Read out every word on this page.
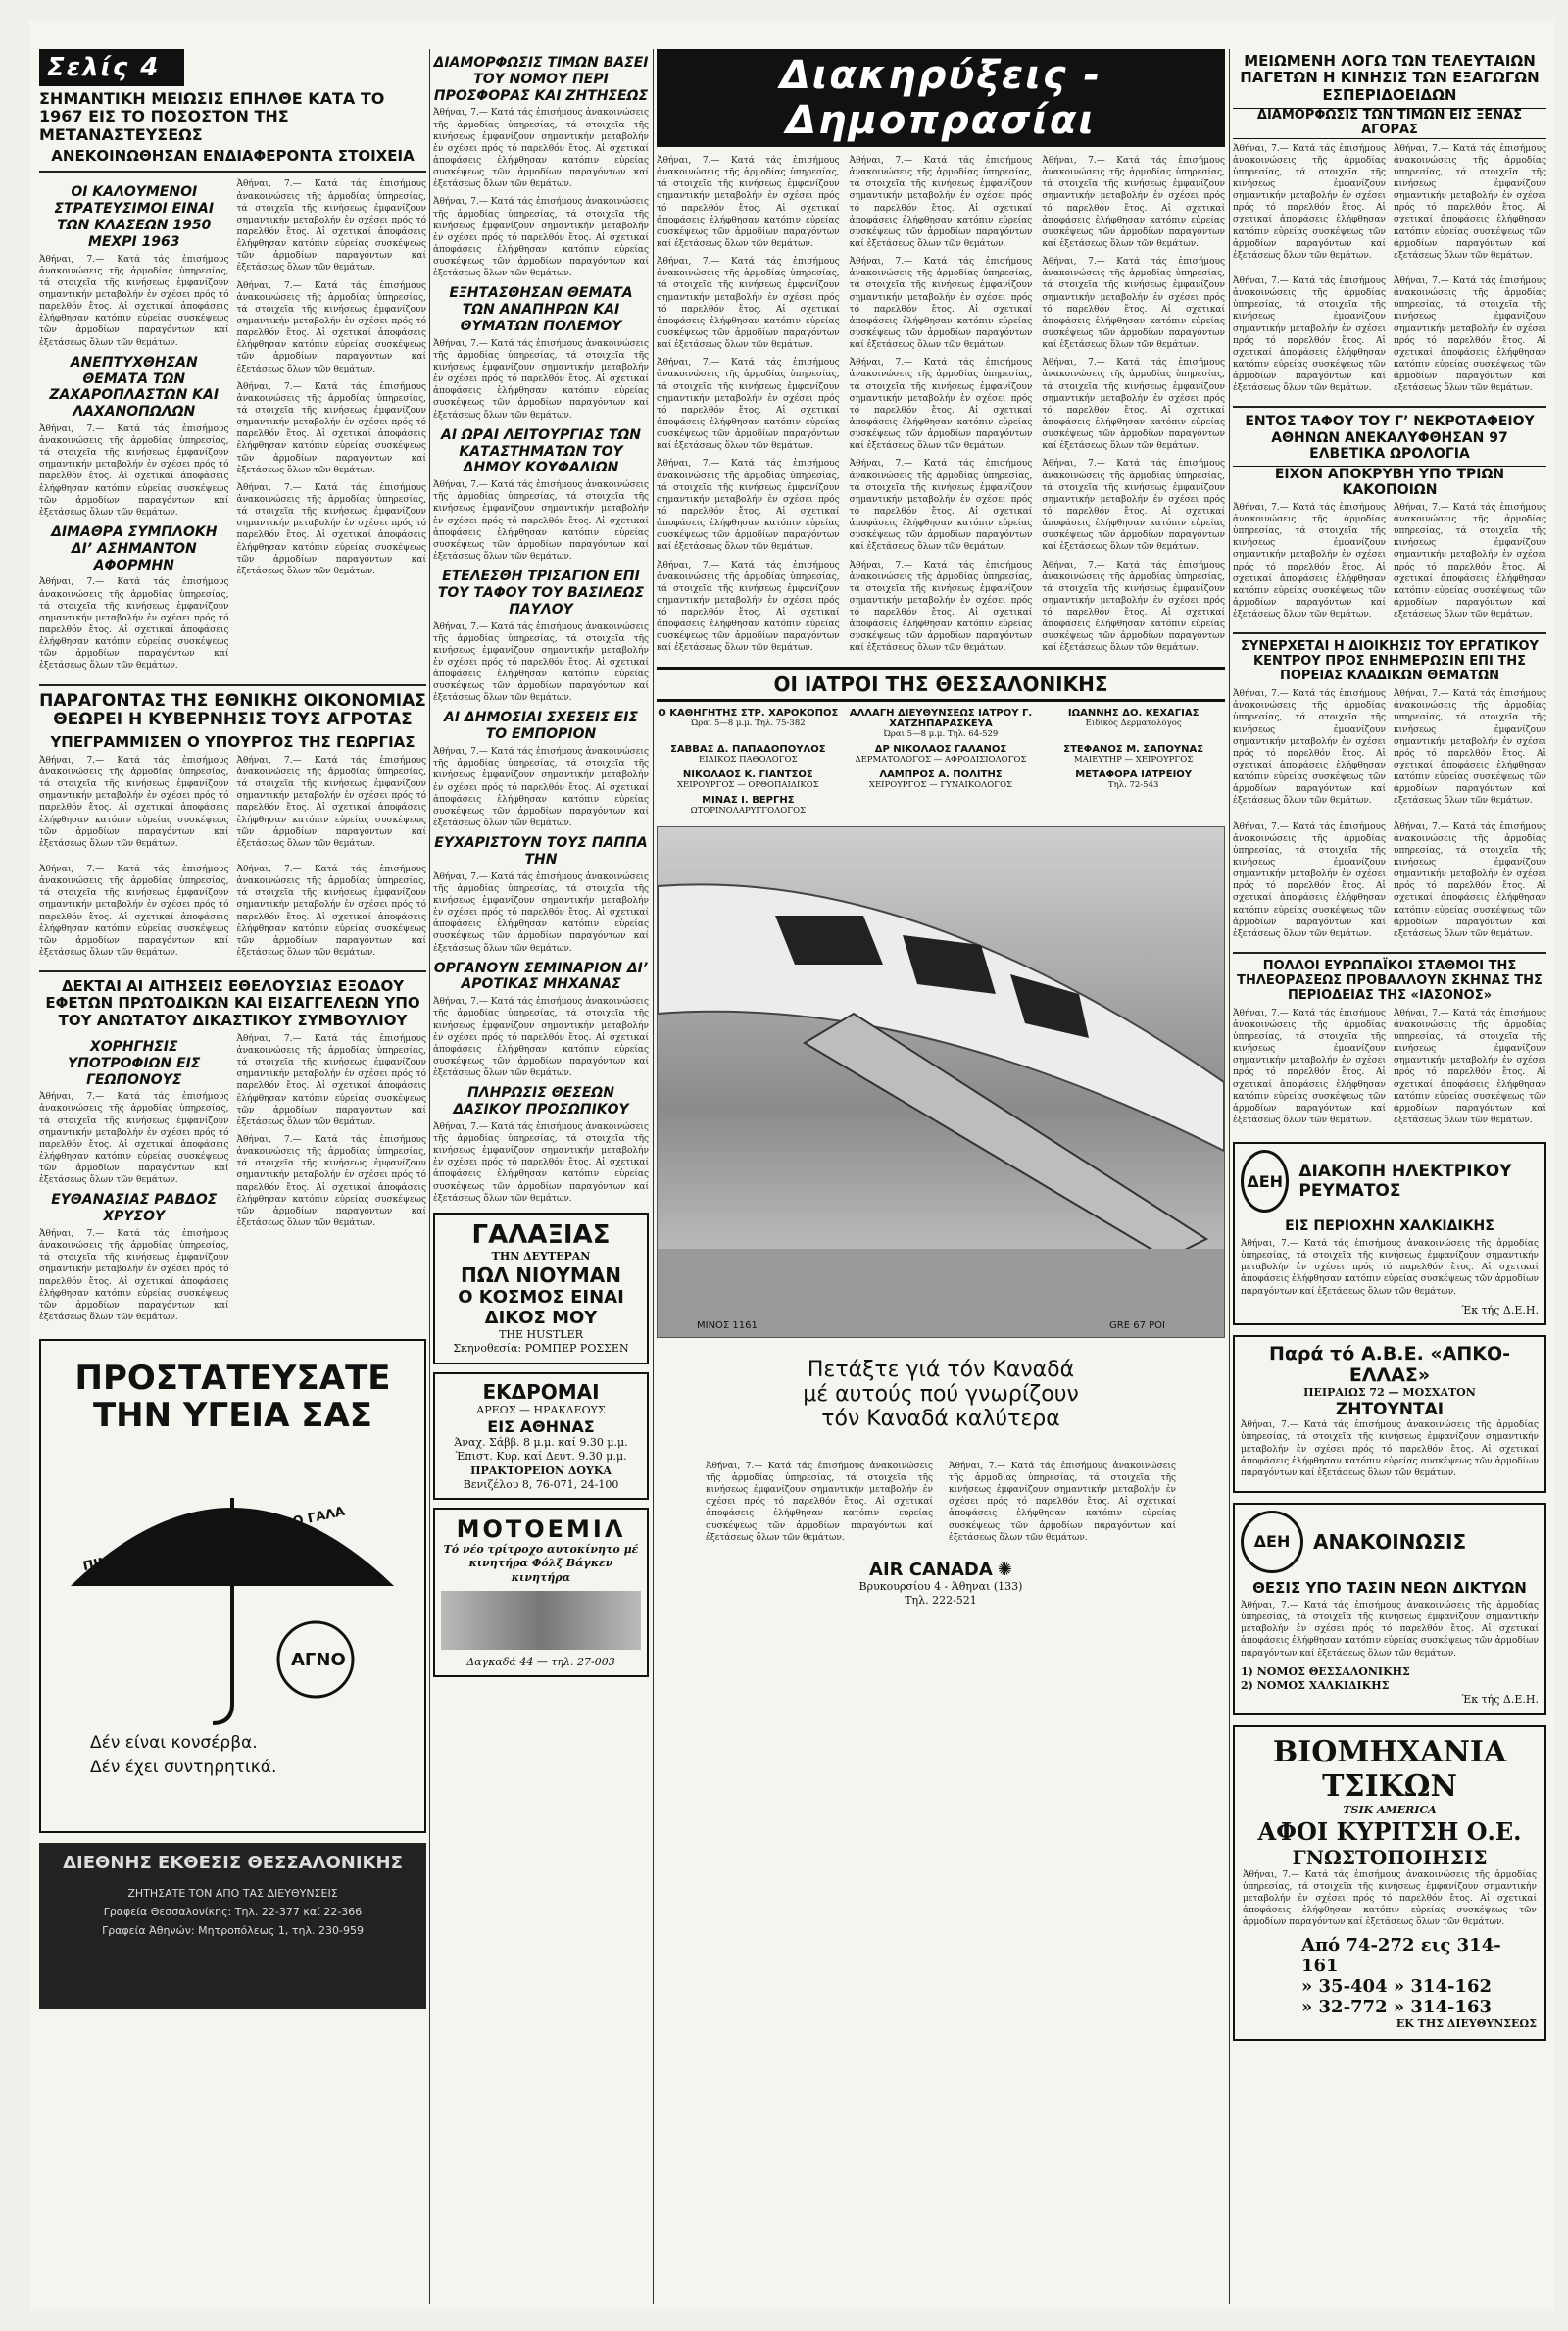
Σελίς 4
ΣΗΜΑΝΤΙΚΗ ΜΕΙΩΣΙΣ ΕΠΗΛΘΕ ΚΑΤΑ ΤΟ 1967 ΕΙΣ ΤΟ ΠΟΣΟΣΤΟΝ ΤΗΣ ΜΕΤΑΝΑΣΤΕΥΣΕΩΣ
ΑΝΕΚΟΙΝΩΘΗΣΑΝ ΕΝΔΙΑΦΕΡΟΝΤΑ ΣΤΟΙΧΕΙΑ
ΟΙ ΚΑΛΟΥΜΕΝΟΙ ΣΤΡΑΤΕΥΣΙΜΟΙ ΕΙΝΑΙ ΤΩΝ ΚΛΑΣΕΩΝ 1950 ΜΕΧΡΙ 1963

Ἀθήναι, 7.— Κατά τάς ἐπισήμους ἀνακοινώσεις τῆς ἁρμοδίας ὑπηρεσίας, τά στοιχεῖα τῆς κινήσεως ἐμφανίζουν σημαντικήν μεταβολήν ἐν σχέσει πρός τό παρελθόν ἔτος. Αἱ σχετικαί ἀποφάσεις ἐλήφθησαν κατόπιν εὐρείας συσκέψεως τῶν ἀρμοδίων παραγόντων καί ἐξετάσεως ὅλων τῶν θεμάτων.

ΑΝΕΠΤΥΧΘΗΣΑΝ ΘΕΜΑΤΑ ΤΩΝ ΖΑΧΑΡΟΠΛΑΣΤΩΝ ΚΑΙ ΛΑΧΑΝΟΠΩΛΩΝ

Ἀθήναι, 7.— Κατά τάς ἐπισήμους ἀνακοινώσεις τῆς ἁρμοδίας ὑπηρεσίας, τά στοιχεῖα τῆς κινήσεως ἐμφανίζουν σημαντικήν μεταβολήν ἐν σχέσει πρός τό παρελθόν ἔτος. Αἱ σχετικαί ἀποφάσεις ἐλήφθησαν κατόπιν εὐρείας συσκέψεως τῶν ἀρμοδίων παραγόντων καί ἐξετάσεως ὅλων τῶν θεμάτων.

ΔΙΜΑΘΡΑ ΣΥΜΠΛΟΚΗ ΔΙ’ ΑΣΗΜΑΝΤΟΝ ΑΦΟΡΜΗΝ

Ἀθήναι, 7.— Κατά τάς ἐπισήμους ἀνακοινώσεις τῆς ἁρμοδίας ὑπηρεσίας, τά στοιχεῖα τῆς κινήσεως ἐμφανίζουν σημαντικήν μεταβολήν ἐν σχέσει πρός τό παρελθόν ἔτος. Αἱ σχετικαί ἀποφάσεις ἐλήφθησαν κατόπιν εὐρείας συσκέψεως τῶν ἀρμοδίων παραγόντων καί ἐξετάσεως ὅλων τῶν θεμάτων.

Ἀθήναι, 7.— Κατά τάς ἐπισήμους ἀνακοινώσεις τῆς ἁρμοδίας ὑπηρεσίας, τά στοιχεῖα τῆς κινήσεως ἐμφανίζουν σημαντικήν μεταβολήν ἐν σχέσει πρός τό παρελθόν ἔτος. Αἱ σχετικαί ἀποφάσεις ἐλήφθησαν κατόπιν εὐρείας συσκέψεως τῶν ἀρμοδίων παραγόντων καί ἐξετάσεως ὅλων τῶν θεμάτων.

Ἀθήναι, 7.— Κατά τάς ἐπισήμους ἀνακοινώσεις τῆς ἁρμοδίας ὑπηρεσίας, τά στοιχεῖα τῆς κινήσεως ἐμφανίζουν σημαντικήν μεταβολήν ἐν σχέσει πρός τό παρελθόν ἔτος. Αἱ σχετικαί ἀποφάσεις ἐλήφθησαν κατόπιν εὐρείας συσκέψεως τῶν ἀρμοδίων παραγόντων καί ἐξετάσεως ὅλων τῶν θεμάτων.

Ἀθήναι, 7.— Κατά τάς ἐπισήμους ἀνακοινώσεις τῆς ἁρμοδίας ὑπηρεσίας, τά στοιχεῖα τῆς κινήσεως ἐμφανίζουν σημαντικήν μεταβολήν ἐν σχέσει πρός τό παρελθόν ἔτος. Αἱ σχετικαί ἀποφάσεις ἐλήφθησαν κατόπιν εὐρείας συσκέψεως τῶν ἀρμοδίων παραγόντων καί ἐξετάσεως ὅλων τῶν θεμάτων.

Ἀθήναι, 7.— Κατά τάς ἐπισήμους ἀνακοινώσεις τῆς ἁρμοδίας ὑπηρεσίας, τά στοιχεῖα τῆς κινήσεως ἐμφανίζουν σημαντικήν μεταβολήν ἐν σχέσει πρός τό παρελθόν ἔτος. Αἱ σχετικαί ἀποφάσεις ἐλήφθησαν κατόπιν εὐρείας συσκέψεως τῶν ἀρμοδίων παραγόντων καί ἐξετάσεως ὅλων τῶν θεμάτων.

ΠΑΡΑΓΟΝΤΑΣ ΤΗΣ ΕΘΝΙΚΗΣ ΟΙΚΟΝΟΜΙΑΣ ΘΕΩΡΕΙ Η ΚΥΒΕΡΝΗΣΙΣ ΤΟΥΣ ΑΓΡΟΤΑΣ
ΥΠΕΓΡΑΜΜΙΣΕΝ Ο ΥΠΟΥΡΓΟΣ ΤΗΣ ΓΕΩΡΓΙΑΣ

Ἀθήναι, 7.— Κατά τάς ἐπισήμους ἀνακοινώσεις τῆς ἁρμοδίας ὑπηρεσίας, τά στοιχεῖα τῆς κινήσεως ἐμφανίζουν σημαντικήν μεταβολήν ἐν σχέσει πρός τό παρελθόν ἔτος. Αἱ σχετικαί ἀποφάσεις ἐλήφθησαν κατόπιν εὐρείας συσκέψεως τῶν ἀρμοδίων παραγόντων καί ἐξετάσεως ὅλων τῶν θεμάτων.

Ἀθήναι, 7.— Κατά τάς ἐπισήμους ἀνακοινώσεις τῆς ἁρμοδίας ὑπηρεσίας, τά στοιχεῖα τῆς κινήσεως ἐμφανίζουν σημαντικήν μεταβολήν ἐν σχέσει πρός τό παρελθόν ἔτος. Αἱ σχετικαί ἀποφάσεις ἐλήφθησαν κατόπιν εὐρείας συσκέψεως τῶν ἀρμοδίων παραγόντων καί ἐξετάσεως ὅλων τῶν θεμάτων.

Ἀθήναι, 7.— Κατά τάς ἐπισήμους ἀνακοινώσεις τῆς ἁρμοδίας ὑπηρεσίας, τά στοιχεῖα τῆς κινήσεως ἐμφανίζουν σημαντικήν μεταβολήν ἐν σχέσει πρός τό παρελθόν ἔτος. Αἱ σχετικαί ἀποφάσεις ἐλήφθησαν κατόπιν εὐρείας συσκέψεως τῶν ἀρμοδίων παραγόντων καί ἐξετάσεως ὅλων τῶν θεμάτων.

Ἀθήναι, 7.— Κατά τάς ἐπισήμους ἀνακοινώσεις τῆς ἁρμοδίας ὑπηρεσίας, τά στοιχεῖα τῆς κινήσεως ἐμφανίζουν σημαντικήν μεταβολήν ἐν σχέσει πρός τό παρελθόν ἔτος. Αἱ σχετικαί ἀποφάσεις ἐλήφθησαν κατόπιν εὐρείας συσκέψεως τῶν ἀρμοδίων παραγόντων καί ἐξετάσεως ὅλων τῶν θεμάτων.

ΔΕΚΤΑΙ ΑΙ ΑΙΤΗΣΕΙΣ ΕΘΕΛΟΥΣΙΑΣ ΕΞΟΔΟΥ ΕΦΕΤΩΝ ΠΡΩΤΟΔΙΚΩΝ ΚΑΙ ΕΙΣΑΓΓΕΛΕΩΝ ΥΠΟ ΤΟΥ ΑΝΩΤΑΤΟΥ ΔΙΚΑΣΤΙΚΟΥ ΣΥΜΒΟΥΛΙΟΥ
ΧΟΡΗΓΗΣΙΣ ΥΠΟΤΡΟΦΙΩΝ ΕΙΣ ΓΕΩΠΟΝΟΥΣ

Ἀθήναι, 7.— Κατά τάς ἐπισήμους ἀνακοινώσεις τῆς ἁρμοδίας ὑπηρεσίας, τά στοιχεῖα τῆς κινήσεως ἐμφανίζουν σημαντικήν μεταβολήν ἐν σχέσει πρός τό παρελθόν ἔτος. Αἱ σχετικαί ἀποφάσεις ἐλήφθησαν κατόπιν εὐρείας συσκέψεως τῶν ἀρμοδίων παραγόντων καί ἐξετάσεως ὅλων τῶν θεμάτων.

ΕΥΘΑΝΑΣΙΑΣ ΡΑΒΔΟΣ ΧΡΥΣΟΥ

Ἀθήναι, 7.— Κατά τάς ἐπισήμους ἀνακοινώσεις τῆς ἁρμοδίας ὑπηρεσίας, τά στοιχεῖα τῆς κινήσεως ἐμφανίζουν σημαντικήν μεταβολήν ἐν σχέσει πρός τό παρελθόν ἔτος. Αἱ σχετικαί ἀποφάσεις ἐλήφθησαν κατόπιν εὐρείας συσκέψεως τῶν ἀρμοδίων παραγόντων καί ἐξετάσεως ὅλων τῶν θεμάτων.

Ἀθήναι, 7.— Κατά τάς ἐπισήμους ἀνακοινώσεις τῆς ἁρμοδίας ὑπηρεσίας, τά στοιχεῖα τῆς κινήσεως ἐμφανίζουν σημαντικήν μεταβολήν ἐν σχέσει πρός τό παρελθόν ἔτος. Αἱ σχετικαί ἀποφάσεις ἐλήφθησαν κατόπιν εὐρείας συσκέψεως τῶν ἀρμοδίων παραγόντων καί ἐξετάσεως ὅλων τῶν θεμάτων.

Ἀθήναι, 7.— Κατά τάς ἐπισήμους ἀνακοινώσεις τῆς ἁρμοδίας ὑπηρεσίας, τά στοιχεῖα τῆς κινήσεως ἐμφανίζουν σημαντικήν μεταβολήν ἐν σχέσει πρός τό παρελθόν ἔτος. Αἱ σχετικαί ἀποφάσεις ἐλήφθησαν κατόπιν εὐρείας συσκέψεως τῶν ἀρμοδίων παραγόντων καί ἐξετάσεως ὅλων τῶν θεμάτων.

ΠΡΟΣΤΑΤΕΥΣΑΤΕ ΤΗΝ ΥΓΕΙΑ ΣΑΣ
ΠΙΝΕΤΕ ΠΑΝΤΑ ΠΑΣΤΕΡΙΩΜΕΝΟ ΓΑΛΑ
ΑΓΝΟ
Δέν είναι κονσέρβα.
Δέν έχει συντηρητικά.
ΔΙΕΘΝΗΣ ΕΚΘΕΣΙΣ ΘΕΣΣΑΛΟΝΙΚΗΣ
ΖΗΤΗΣΑΤΕ ΤΟΝ ΑΠΟ ΤΑΣ ΔΙΕΥΘΥΝΣΕΙΣ
Γραφεία Θεσσαλονίκης: Τηλ. 22-377 καί 22-366
Γραφεία Άθηνών: Μητροπόλεως 1, τηλ. 230-959
ΔΙΑΜΟΡΦΩΣΙΣ ΤΙΜΩΝ ΒΑΣΕΙ ΤΟΥ ΝΟΜΟΥ ΠΕΡΙ ΠΡΟΣΦΟΡΑΣ ΚΑΙ ΖΗΤΗΣΕΩΣ

Ἀθήναι, 7.— Κατά τάς ἐπισήμους ἀνακοινώσεις τῆς ἁρμοδίας ὑπηρεσίας, τά στοιχεῖα τῆς κινήσεως ἐμφανίζουν σημαντικήν μεταβολήν ἐν σχέσει πρός τό παρελθόν ἔτος. Αἱ σχετικαί ἀποφάσεις ἐλήφθησαν κατόπιν εὐρείας συσκέψεως τῶν ἀρμοδίων παραγόντων καί ἐξετάσεως ὅλων τῶν θεμάτων.

Ἀθήναι, 7.— Κατά τάς ἐπισήμους ἀνακοινώσεις τῆς ἁρμοδίας ὑπηρεσίας, τά στοιχεῖα τῆς κινήσεως ἐμφανίζουν σημαντικήν μεταβολήν ἐν σχέσει πρός τό παρελθόν ἔτος. Αἱ σχετικαί ἀποφάσεις ἐλήφθησαν κατόπιν εὐρείας συσκέψεως τῶν ἀρμοδίων παραγόντων καί ἐξετάσεως ὅλων τῶν θεμάτων.

ΕΞΗΤΑΣΘΗΣΑΝ ΘΕΜΑΤΑ ΤΩΝ ΑΝΑΠΗΡΩΝ ΚΑΙ ΘΥΜΑΤΩΝ ΠΟΛΕΜΟΥ

Ἀθήναι, 7.— Κατά τάς ἐπισήμους ἀνακοινώσεις τῆς ἁρμοδίας ὑπηρεσίας, τά στοιχεῖα τῆς κινήσεως ἐμφανίζουν σημαντικήν μεταβολήν ἐν σχέσει πρός τό παρελθόν ἔτος. Αἱ σχετικαί ἀποφάσεις ἐλήφθησαν κατόπιν εὐρείας συσκέψεως τῶν ἀρμοδίων παραγόντων καί ἐξετάσεως ὅλων τῶν θεμάτων.

ΑΙ ΩΡΑΙ ΛΕΙΤΟΥΡΓΙΑΣ ΤΩΝ ΚΑΤΑΣΤΗΜΑΤΩΝ ΤΟΥ ΔΗΜΟΥ ΚΟΥΦΑΛΙΩΝ

Ἀθήναι, 7.— Κατά τάς ἐπισήμους ἀνακοινώσεις τῆς ἁρμοδίας ὑπηρεσίας, τά στοιχεῖα τῆς κινήσεως ἐμφανίζουν σημαντικήν μεταβολήν ἐν σχέσει πρός τό παρελθόν ἔτος. Αἱ σχετικαί ἀποφάσεις ἐλήφθησαν κατόπιν εὐρείας συσκέψεως τῶν ἀρμοδίων παραγόντων καί ἐξετάσεως ὅλων τῶν θεμάτων.

ΕΤΕΛΕΣΘΗ ΤΡΙΣΑΓΙΟΝ ΕΠΙ ΤΟΥ ΤΑΦΟΥ ΤΟΥ ΒΑΣΙΛΕΩΣ ΠΑΥΛΟΥ

Ἀθήναι, 7.— Κατά τάς ἐπισήμους ἀνακοινώσεις τῆς ἁρμοδίας ὑπηρεσίας, τά στοιχεῖα τῆς κινήσεως ἐμφανίζουν σημαντικήν μεταβολήν ἐν σχέσει πρός τό παρελθόν ἔτος. Αἱ σχετικαί ἀποφάσεις ἐλήφθησαν κατόπιν εὐρείας συσκέψεως τῶν ἀρμοδίων παραγόντων καί ἐξετάσεως ὅλων τῶν θεμάτων.

ΑΙ ΔΗΜΟΣΙΑΙ ΣΧΕΣΕΙΣ ΕΙΣ ΤΟ ΕΜΠΟΡΙΟΝ

Ἀθήναι, 7.— Κατά τάς ἐπισήμους ἀνακοινώσεις τῆς ἁρμοδίας ὑπηρεσίας, τά στοιχεῖα τῆς κινήσεως ἐμφανίζουν σημαντικήν μεταβολήν ἐν σχέσει πρός τό παρελθόν ἔτος. Αἱ σχετικαί ἀποφάσεις ἐλήφθησαν κατόπιν εὐρείας συσκέψεως τῶν ἀρμοδίων παραγόντων καί ἐξετάσεως ὅλων τῶν θεμάτων.

ΕΥΧΑΡΙΣΤΟΥΝ ΤΟΥΣ ΠΑΠΠΑ ΤΗΝ

Ἀθήναι, 7.— Κατά τάς ἐπισήμους ἀνακοινώσεις τῆς ἁρμοδίας ὑπηρεσίας, τά στοιχεῖα τῆς κινήσεως ἐμφανίζουν σημαντικήν μεταβολήν ἐν σχέσει πρός τό παρελθόν ἔτος. Αἱ σχετικαί ἀποφάσεις ἐλήφθησαν κατόπιν εὐρείας συσκέψεως τῶν ἀρμοδίων παραγόντων καί ἐξετάσεως ὅλων τῶν θεμάτων.

ΟΡΓΑΝΟΥΝ ΣΕΜΙΝΑΡΙΟΝ ΔΙ’ ΑΡΟΤΙΚΑΣ ΜΗΧΑΝΑΣ

Ἀθήναι, 7.— Κατά τάς ἐπισήμους ἀνακοινώσεις τῆς ἁρμοδίας ὑπηρεσίας, τά στοιχεῖα τῆς κινήσεως ἐμφανίζουν σημαντικήν μεταβολήν ἐν σχέσει πρός τό παρελθόν ἔτος. Αἱ σχετικαί ἀποφάσεις ἐλήφθησαν κατόπιν εὐρείας συσκέψεως τῶν ἀρμοδίων παραγόντων καί ἐξετάσεως ὅλων τῶν θεμάτων.

ΠΛΗΡΩΣΙΣ ΘΕΣΕΩΝ ΔΑΣΙΚΟΥ ΠΡΟΣΩΠΙΚΟΥ

Ἀθήναι, 7.— Κατά τάς ἐπισήμους ἀνακοινώσεις τῆς ἁρμοδίας ὑπηρεσίας, τά στοιχεῖα τῆς κινήσεως ἐμφανίζουν σημαντικήν μεταβολήν ἐν σχέσει πρός τό παρελθόν ἔτος. Αἱ σχετικαί ἀποφάσεις ἐλήφθησαν κατόπιν εὐρείας συσκέψεως τῶν ἀρμοδίων παραγόντων καί ἐξετάσεως ὅλων τῶν θεμάτων.

ΓΑΛΑΞΙΑΣ
ΤΗΝ ΔΕΥΤΕΡΑΝ
ΠΩΛ ΝΙΟΥΜΑΝ
Ο ΚΟΣΜΟΣ ΕΙΝΑΙ ΔΙΚΟΣ ΜΟΥ
THE HUSTLER
Σκηνοθεσία: ΡΟΜΠΕΡ ΡΟΣΣΕΝ
ΕΚΔΡΟΜΑΙ
ΑΡΕΩΣ — ΗΡΑΚΛΕΟΥΣ
ΕΙΣ ΑΘΗΝΑΣ
Άναχ. Σάββ. 8 μ.μ. καί 9.30 μ.μ.
Έπιστ. Κυρ. καί Δευτ. 9.30 μ.μ.
ΠΡΑΚΤΟΡΕΙΟΝ ΔΟΥΚΑ
Βενιζέλου 8, 76-071, 24-100
ΜΟΤΟΕΜΙΛ
Τό νέο τρίτροχο αυτοκίνητο μέ κινητήρα Φόλξ Βάγκεν κινητήρα
Δαγκαδά 44 — τηλ. 27-003
Διακηρύξεις - Δημοπρασίαι

Ἀθήναι, 7.— Κατά τάς ἐπισήμους ἀνακοινώσεις τῆς ἁρμοδίας ὑπηρεσίας, τά στοιχεῖα τῆς κινήσεως ἐμφανίζουν σημαντικήν μεταβολήν ἐν σχέσει πρός τό παρελθόν ἔτος. Αἱ σχετικαί ἀποφάσεις ἐλήφθησαν κατόπιν εὐρείας συσκέψεως τῶν ἀρμοδίων παραγόντων καί ἐξετάσεως ὅλων τῶν θεμάτων.

Ἀθήναι, 7.— Κατά τάς ἐπισήμους ἀνακοινώσεις τῆς ἁρμοδίας ὑπηρεσίας, τά στοιχεῖα τῆς κινήσεως ἐμφανίζουν σημαντικήν μεταβολήν ἐν σχέσει πρός τό παρελθόν ἔτος. Αἱ σχετικαί ἀποφάσεις ἐλήφθησαν κατόπιν εὐρείας συσκέψεως τῶν ἀρμοδίων παραγόντων καί ἐξετάσεως ὅλων τῶν θεμάτων.

Ἀθήναι, 7.— Κατά τάς ἐπισήμους ἀνακοινώσεις τῆς ἁρμοδίας ὑπηρεσίας, τά στοιχεῖα τῆς κινήσεως ἐμφανίζουν σημαντικήν μεταβολήν ἐν σχέσει πρός τό παρελθόν ἔτος. Αἱ σχετικαί ἀποφάσεις ἐλήφθησαν κατόπιν εὐρείας συσκέψεως τῶν ἀρμοδίων παραγόντων καί ἐξετάσεως ὅλων τῶν θεμάτων.

Ἀθήναι, 7.— Κατά τάς ἐπισήμους ἀνακοινώσεις τῆς ἁρμοδίας ὑπηρεσίας, τά στοιχεῖα τῆς κινήσεως ἐμφανίζουν σημαντικήν μεταβολήν ἐν σχέσει πρός τό παρελθόν ἔτος. Αἱ σχετικαί ἀποφάσεις ἐλήφθησαν κατόπιν εὐρείας συσκέψεως τῶν ἀρμοδίων παραγόντων καί ἐξετάσεως ὅλων τῶν θεμάτων.

Ἀθήναι, 7.— Κατά τάς ἐπισήμους ἀνακοινώσεις τῆς ἁρμοδίας ὑπηρεσίας, τά στοιχεῖα τῆς κινήσεως ἐμφανίζουν σημαντικήν μεταβολήν ἐν σχέσει πρός τό παρελθόν ἔτος. Αἱ σχετικαί ἀποφάσεις ἐλήφθησαν κατόπιν εὐρείας συσκέψεως τῶν ἀρμοδίων παραγόντων καί ἐξετάσεως ὅλων τῶν θεμάτων.

Ἀθήναι, 7.— Κατά τάς ἐπισήμους ἀνακοινώσεις τῆς ἁρμοδίας ὑπηρεσίας, τά στοιχεῖα τῆς κινήσεως ἐμφανίζουν σημαντικήν μεταβολήν ἐν σχέσει πρός τό παρελθόν ἔτος. Αἱ σχετικαί ἀποφάσεις ἐλήφθησαν κατόπιν εὐρείας συσκέψεως τῶν ἀρμοδίων παραγόντων καί ἐξετάσεως ὅλων τῶν θεμάτων.

Ἀθήναι, 7.— Κατά τάς ἐπισήμους ἀνακοινώσεις τῆς ἁρμοδίας ὑπηρεσίας, τά στοιχεῖα τῆς κινήσεως ἐμφανίζουν σημαντικήν μεταβολήν ἐν σχέσει πρός τό παρελθόν ἔτος. Αἱ σχετικαί ἀποφάσεις ἐλήφθησαν κατόπιν εὐρείας συσκέψεως τῶν ἀρμοδίων παραγόντων καί ἐξετάσεως ὅλων τῶν θεμάτων.

Ἀθήναι, 7.— Κατά τάς ἐπισήμους ἀνακοινώσεις τῆς ἁρμοδίας ὑπηρεσίας, τά στοιχεῖα τῆς κινήσεως ἐμφανίζουν σημαντικήν μεταβολήν ἐν σχέσει πρός τό παρελθόν ἔτος. Αἱ σχετικαί ἀποφάσεις ἐλήφθησαν κατόπιν εὐρείας συσκέψεως τῶν ἀρμοδίων παραγόντων καί ἐξετάσεως ὅλων τῶν θεμάτων.

Ἀθήναι, 7.— Κατά τάς ἐπισήμους ἀνακοινώσεις τῆς ἁρμοδίας ὑπηρεσίας, τά στοιχεῖα τῆς κινήσεως ἐμφανίζουν σημαντικήν μεταβολήν ἐν σχέσει πρός τό παρελθόν ἔτος. Αἱ σχετικαί ἀποφάσεις ἐλήφθησαν κατόπιν εὐρείας συσκέψεως τῶν ἀρμοδίων παραγόντων καί ἐξετάσεως ὅλων τῶν θεμάτων.

Ἀθήναι, 7.— Κατά τάς ἐπισήμους ἀνακοινώσεις τῆς ἁρμοδίας ὑπηρεσίας, τά στοιχεῖα τῆς κινήσεως ἐμφανίζουν σημαντικήν μεταβολήν ἐν σχέσει πρός τό παρελθόν ἔτος. Αἱ σχετικαί ἀποφάσεις ἐλήφθησαν κατόπιν εὐρείας συσκέψεως τῶν ἀρμοδίων παραγόντων καί ἐξετάσεως ὅλων τῶν θεμάτων.

Ἀθήναι, 7.— Κατά τάς ἐπισήμους ἀνακοινώσεις τῆς ἁρμοδίας ὑπηρεσίας, τά στοιχεῖα τῆς κινήσεως ἐμφανίζουν σημαντικήν μεταβολήν ἐν σχέσει πρός τό παρελθόν ἔτος. Αἱ σχετικαί ἀποφάσεις ἐλήφθησαν κατόπιν εὐρείας συσκέψεως τῶν ἀρμοδίων παραγόντων καί ἐξετάσεως ὅλων τῶν θεμάτων.

Ἀθήναι, 7.— Κατά τάς ἐπισήμους ἀνακοινώσεις τῆς ἁρμοδίας ὑπηρεσίας, τά στοιχεῖα τῆς κινήσεως ἐμφανίζουν σημαντικήν μεταβολήν ἐν σχέσει πρός τό παρελθόν ἔτος. Αἱ σχετικαί ἀποφάσεις ἐλήφθησαν κατόπιν εὐρείας συσκέψεως τῶν ἀρμοδίων παραγόντων καί ἐξετάσεως ὅλων τῶν θεμάτων.

Ἀθήναι, 7.— Κατά τάς ἐπισήμους ἀνακοινώσεις τῆς ἁρμοδίας ὑπηρεσίας, τά στοιχεῖα τῆς κινήσεως ἐμφανίζουν σημαντικήν μεταβολήν ἐν σχέσει πρός τό παρελθόν ἔτος. Αἱ σχετικαί ἀποφάσεις ἐλήφθησαν κατόπιν εὐρείας συσκέψεως τῶν ἀρμοδίων παραγόντων καί ἐξετάσεως ὅλων τῶν θεμάτων.

Ἀθήναι, 7.— Κατά τάς ἐπισήμους ἀνακοινώσεις τῆς ἁρμοδίας ὑπηρεσίας, τά στοιχεῖα τῆς κινήσεως ἐμφανίζουν σημαντικήν μεταβολήν ἐν σχέσει πρός τό παρελθόν ἔτος. Αἱ σχετικαί ἀποφάσεις ἐλήφθησαν κατόπιν εὐρείας συσκέψεως τῶν ἀρμοδίων παραγόντων καί ἐξετάσεως ὅλων τῶν θεμάτων.

Ἀθήναι, 7.— Κατά τάς ἐπισήμους ἀνακοινώσεις τῆς ἁρμοδίας ὑπηρεσίας, τά στοιχεῖα τῆς κινήσεως ἐμφανίζουν σημαντικήν μεταβολήν ἐν σχέσει πρός τό παρελθόν ἔτος. Αἱ σχετικαί ἀποφάσεις ἐλήφθησαν κατόπιν εὐρείας συσκέψεως τῶν ἀρμοδίων παραγόντων καί ἐξετάσεως ὅλων τῶν θεμάτων.

ΟΙ ΙΑΤΡΟΙ ΤΗΣ ΘΕΣΣΑΛΟΝΙΚΗΣ
Ο ΚΑΘΗΓΗΤΗΣ ΣΤΡ. ΧΑΡΟΚΟΠΟΣ
Ώραι 5—8 μ.μ. Τηλ. 75-382
ΑΛΛΑΓΗ ΔΙΕΥΘΥΝΣΕΩΣ ΙΑΤΡΟΥ Γ. ΧΑΤΖΗΠΑΡΑΣΚΕΥΑ
Ώραι 5—8 μ.μ. Τηλ. 64-529
ΙΩΑΝΝΗΣ ΔΟ. ΚΕΧΑΓΙΑΣ
Ειδικός Δερματολόγος
ΣΑΒΒΑΣ Δ. ΠΑΠΑΔΟΠΟΥΛΟΣ
ΕΙΔΙΚΟΣ ΠΑΘΟΛΟΓΟΣ
ΔΡ ΝΙΚΟΛΑΟΣ ΓΑΛΑΝΟΣ
ΔΕΡΜΑΤΟΛΟΓΟΣ — ΑΦΡΟΔΙΣΙΟΛΟΓΟΣ
ΣΤΕΦΑΝΟΣ Μ. ΣΑΠΟΥΝΑΣ
ΜΑΙΕΥΤΗΡ — ΧΕΙΡΟΥΡΓΟΣ
ΝΙΚΟΛΑΟΣ Κ. ΓΙΑΝΤΣΟΣ
ΧΕΙΡΟΥΡΓΟΣ — ΟΡΘΟΠΑΙΔΙΚΟΣ
ΛΑΜΠΡΟΣ Α. ΠΟΛΙΤΗΣ
ΧΕΙΡΟΥΡΓΟΣ — ΓΥΝΑΙΚΟΛΟΓΟΣ
ΜΕΤΑΦΟΡΑ ΙΑΤΡΕΙΟΥ
Τηλ. 72-543
ΜΙΝΑΣ Ι. ΒΕΡΓΗΣ
ΩΤΟΡΙΝΟΛΑΡΥΓΓΟΛΟΓΟΣ
ΜΙΝΟΣ 1161	GRE 67 POI
Πετάξτε γιά τόν Καναδά
μέ αυτούς πού γνωρίζουν
τόν Καναδά καλύτερα

Ἀθήναι, 7.— Κατά τάς ἐπισήμους ἀνακοινώσεις τῆς ἁρμοδίας ὑπηρεσίας, τά στοιχεῖα τῆς κινήσεως ἐμφανίζουν σημαντικήν μεταβολήν ἐν σχέσει πρός τό παρελθόν ἔτος. Αἱ σχετικαί ἀποφάσεις ἐλήφθησαν κατόπιν εὐρείας συσκέψεως τῶν ἀρμοδίων παραγόντων καί ἐξετάσεως ὅλων τῶν θεμάτων.

Ἀθήναι, 7.— Κατά τάς ἐπισήμους ἀνακοινώσεις τῆς ἁρμοδίας ὑπηρεσίας, τά στοιχεῖα τῆς κινήσεως ἐμφανίζουν σημαντικήν μεταβολήν ἐν σχέσει πρός τό παρελθόν ἔτος. Αἱ σχετικαί ἀποφάσεις ἐλήφθησαν κατόπιν εὐρείας συσκέψεως τῶν ἀρμοδίων παραγόντων καί ἐξετάσεως ὅλων τῶν θεμάτων.

AIR CANADA ✺
Βρυκουρσίου 4 - Άθηναι (133)
Τηλ. 222-521
ΜΕΙΩΜΕΝΗ ΛΟΓΩ ΤΩΝ ΤΕΛΕΥΤΑΙΩΝ ΠΑΓΕΤΩΝ Η ΚΙΝΗΣΙΣ ΤΩΝ ΕΞΑΓΩΓΩΝ ΕΣΠΕΡΙΔΟΕΙΔΩΝ
ΔΙΑΜΟΡΦΩΣΙΣ ΤΩΝ ΤΙΜΩΝ ΕΙΣ ΞΕΝΑΣ ΑΓΟΡΑΣ

Ἀθήναι, 7.— Κατά τάς ἐπισήμους ἀνακοινώσεις τῆς ἁρμοδίας ὑπηρεσίας, τά στοιχεῖα τῆς κινήσεως ἐμφανίζουν σημαντικήν μεταβολήν ἐν σχέσει πρός τό παρελθόν ἔτος. Αἱ σχετικαί ἀποφάσεις ἐλήφθησαν κατόπιν εὐρείας συσκέψεως τῶν ἀρμοδίων παραγόντων καί ἐξετάσεως ὅλων τῶν θεμάτων.

Ἀθήναι, 7.— Κατά τάς ἐπισήμους ἀνακοινώσεις τῆς ἁρμοδίας ὑπηρεσίας, τά στοιχεῖα τῆς κινήσεως ἐμφανίζουν σημαντικήν μεταβολήν ἐν σχέσει πρός τό παρελθόν ἔτος. Αἱ σχετικαί ἀποφάσεις ἐλήφθησαν κατόπιν εὐρείας συσκέψεως τῶν ἀρμοδίων παραγόντων καί ἐξετάσεως ὅλων τῶν θεμάτων.

Ἀθήναι, 7.— Κατά τάς ἐπισήμους ἀνακοινώσεις τῆς ἁρμοδίας ὑπηρεσίας, τά στοιχεῖα τῆς κινήσεως ἐμφανίζουν σημαντικήν μεταβολήν ἐν σχέσει πρός τό παρελθόν ἔτος. Αἱ σχετικαί ἀποφάσεις ἐλήφθησαν κατόπιν εὐρείας συσκέψεως τῶν ἀρμοδίων παραγόντων καί ἐξετάσεως ὅλων τῶν θεμάτων.

Ἀθήναι, 7.— Κατά τάς ἐπισήμους ἀνακοινώσεις τῆς ἁρμοδίας ὑπηρεσίας, τά στοιχεῖα τῆς κινήσεως ἐμφανίζουν σημαντικήν μεταβολήν ἐν σχέσει πρός τό παρελθόν ἔτος. Αἱ σχετικαί ἀποφάσεις ἐλήφθησαν κατόπιν εὐρείας συσκέψεως τῶν ἀρμοδίων παραγόντων καί ἐξετάσεως ὅλων τῶν θεμάτων.

ΕΝΤΟΣ ΤΑΦΟΥ ΤΟΥ Γ’ ΝΕΚΡΟΤΑΦΕΙΟΥ ΑΘΗΝΩΝ ΑΝΕΚΑΛΥΦΘΗΣΑΝ 97 ΕΛΒΕΤΙΚΑ ΩΡΟΛΟΓΙΑ
ΕΙΧΟΝ ΑΠΟΚΡΥΒΗ ΥΠΟ ΤΡΙΩΝ ΚΑΚΟΠΟΙΩΝ

Ἀθήναι, 7.— Κατά τάς ἐπισήμους ἀνακοινώσεις τῆς ἁρμοδίας ὑπηρεσίας, τά στοιχεῖα τῆς κινήσεως ἐμφανίζουν σημαντικήν μεταβολήν ἐν σχέσει πρός τό παρελθόν ἔτος. Αἱ σχετικαί ἀποφάσεις ἐλήφθησαν κατόπιν εὐρείας συσκέψεως τῶν ἀρμοδίων παραγόντων καί ἐξετάσεως ὅλων τῶν θεμάτων.

Ἀθήναι, 7.— Κατά τάς ἐπισήμους ἀνακοινώσεις τῆς ἁρμοδίας ὑπηρεσίας, τά στοιχεῖα τῆς κινήσεως ἐμφανίζουν σημαντικήν μεταβολήν ἐν σχέσει πρός τό παρελθόν ἔτος. Αἱ σχετικαί ἀποφάσεις ἐλήφθησαν κατόπιν εὐρείας συσκέψεως τῶν ἀρμοδίων παραγόντων καί ἐξετάσεως ὅλων τῶν θεμάτων.

ΣΥΝΕΡΧΕΤΑΙ Η ΔΙΟΙΚΗΣΙΣ ΤΟΥ ΕΡΓΑΤΙΚΟΥ ΚΕΝΤΡΟΥ ΠΡΟΣ ΕΝΗΜΕΡΩΣΙΝ ΕΠΙ ΤΗΣ ΠΟΡΕΙΑΣ ΚΛΑΔΙΚΩΝ ΘΕΜΑΤΩΝ

Ἀθήναι, 7.— Κατά τάς ἐπισήμους ἀνακοινώσεις τῆς ἁρμοδίας ὑπηρεσίας, τά στοιχεῖα τῆς κινήσεως ἐμφανίζουν σημαντικήν μεταβολήν ἐν σχέσει πρός τό παρελθόν ἔτος. Αἱ σχετικαί ἀποφάσεις ἐλήφθησαν κατόπιν εὐρείας συσκέψεως τῶν ἀρμοδίων παραγόντων καί ἐξετάσεως ὅλων τῶν θεμάτων.

Ἀθήναι, 7.— Κατά τάς ἐπισήμους ἀνακοινώσεις τῆς ἁρμοδίας ὑπηρεσίας, τά στοιχεῖα τῆς κινήσεως ἐμφανίζουν σημαντικήν μεταβολήν ἐν σχέσει πρός τό παρελθόν ἔτος. Αἱ σχετικαί ἀποφάσεις ἐλήφθησαν κατόπιν εὐρείας συσκέψεως τῶν ἀρμοδίων παραγόντων καί ἐξετάσεως ὅλων τῶν θεμάτων.

Ἀθήναι, 7.— Κατά τάς ἐπισήμους ἀνακοινώσεις τῆς ἁρμοδίας ὑπηρεσίας, τά στοιχεῖα τῆς κινήσεως ἐμφανίζουν σημαντικήν μεταβολήν ἐν σχέσει πρός τό παρελθόν ἔτος. Αἱ σχετικαί ἀποφάσεις ἐλήφθησαν κατόπιν εὐρείας συσκέψεως τῶν ἀρμοδίων παραγόντων καί ἐξετάσεως ὅλων τῶν θεμάτων.

Ἀθήναι, 7.— Κατά τάς ἐπισήμους ἀνακοινώσεις τῆς ἁρμοδίας ὑπηρεσίας, τά στοιχεῖα τῆς κινήσεως ἐμφανίζουν σημαντικήν μεταβολήν ἐν σχέσει πρός τό παρελθόν ἔτος. Αἱ σχετικαί ἀποφάσεις ἐλήφθησαν κατόπιν εὐρείας συσκέψεως τῶν ἀρμοδίων παραγόντων καί ἐξετάσεως ὅλων τῶν θεμάτων.

ΠΟΛΛΟΙ ΕΥΡΩΠΑΪΚΟΙ ΣΤΑΘΜΟΙ ΤΗΣ ΤΗΛΕΟΡΑΣΕΩΣ ΠΡΟΒΑΛΛΟΥΝ ΣΚΗΝΑΣ ΤΗΣ ΠΕΡΙΟΔΕΙΑΣ ΤΗΣ «ΙΑΣΟΝΟΣ»

Ἀθήναι, 7.— Κατά τάς ἐπισήμους ἀνακοινώσεις τῆς ἁρμοδίας ὑπηρεσίας, τά στοιχεῖα τῆς κινήσεως ἐμφανίζουν σημαντικήν μεταβολήν ἐν σχέσει πρός τό παρελθόν ἔτος. Αἱ σχετικαί ἀποφάσεις ἐλήφθησαν κατόπιν εὐρείας συσκέψεως τῶν ἀρμοδίων παραγόντων καί ἐξετάσεως ὅλων τῶν θεμάτων.

Ἀθήναι, 7.— Κατά τάς ἐπισήμους ἀνακοινώσεις τῆς ἁρμοδίας ὑπηρεσίας, τά στοιχεῖα τῆς κινήσεως ἐμφανίζουν σημαντικήν μεταβολήν ἐν σχέσει πρός τό παρελθόν ἔτος. Αἱ σχετικαί ἀποφάσεις ἐλήφθησαν κατόπιν εὐρείας συσκέψεως τῶν ἀρμοδίων παραγόντων καί ἐξετάσεως ὅλων τῶν θεμάτων.

ΔΕΗ ΔΙΑΚΟΠΗ ΗΛΕΚΤΡΙΚΟΥ ΡΕΥΜΑΤΟΣ
ΕΙΣ ΠΕΡΙΟΧΗΝ ΧΑΛΚΙΔΙΚΗΣ

Ἀθήναι, 7.— Κατά τάς ἐπισήμους ἀνακοινώσεις τῆς ἁρμοδίας ὑπηρεσίας, τά στοιχεῖα τῆς κινήσεως ἐμφανίζουν σημαντικήν μεταβολήν ἐν σχέσει πρός τό παρελθόν ἔτος. Αἱ σχετικαί ἀποφάσεις ἐλήφθησαν κατόπιν εὐρείας συσκέψεως τῶν ἀρμοδίων παραγόντων καί ἐξετάσεως ὅλων τῶν θεμάτων.

Έκ τής Δ.Ε.Η.
Παρά τό Α.Β.Ε. «ΑΠΚΟ-ΕΛΛΑΣ»
ΠΕΙΡΑΙΩΣ 72 — ΜΟΣΧΑΤΟΝ
ΖΗΤΟΥΝΤΑΙ

Ἀθήναι, 7.— Κατά τάς ἐπισήμους ἀνακοινώσεις τῆς ἁρμοδίας ὑπηρεσίας, τά στοιχεῖα τῆς κινήσεως ἐμφανίζουν σημαντικήν μεταβολήν ἐν σχέσει πρός τό παρελθόν ἔτος. Αἱ σχετικαί ἀποφάσεις ἐλήφθησαν κατόπιν εὐρείας συσκέψεως τῶν ἀρμοδίων παραγόντων καί ἐξετάσεως ὅλων τῶν θεμάτων.

ΔΕΗ	ΑΝΑΚΟΙΝΩΣΙΣ
ΘΕΣΙΣ ΥΠΟ ΤΑΣΙΝ ΝΕΩΝ ΔΙΚΤΥΩΝ

Ἀθήναι, 7.— Κατά τάς ἐπισήμους ἀνακοινώσεις τῆς ἁρμοδίας ὑπηρεσίας, τά στοιχεῖα τῆς κινήσεως ἐμφανίζουν σημαντικήν μεταβολήν ἐν σχέσει πρός τό παρελθόν ἔτος. Αἱ σχετικαί ἀποφάσεις ἐλήφθησαν κατόπιν εὐρείας συσκέψεως τῶν ἀρμοδίων παραγόντων καί ἐξετάσεως ὅλων τῶν θεμάτων.

1) ΝΟΜΟΣ ΘΕΣΣΑΛΟΝΙΚΗΣ
2) ΝΟΜΟΣ ΧΑΛΚΙΔΙΚΗΣ
Έκ τής Δ.Ε.Η.
ΒΙΟΜΗΧΑΝΙΑ ΤΣΙΚΩΝ
TSIK AMERICA
ΑΦΟΙ ΚΥΡΙΤΣΗ Ο.Ε.
ΓΝΩΣΤΟΠΟΙΗΣΙΣ

Ἀθήναι, 7.— Κατά τάς ἐπισήμους ἀνακοινώσεις τῆς ἁρμοδίας ὑπηρεσίας, τά στοιχεῖα τῆς κινήσεως ἐμφανίζουν σημαντικήν μεταβολήν ἐν σχέσει πρός τό παρελθόν ἔτος. Αἱ σχετικαί ἀποφάσεις ἐλήφθησαν κατόπιν εὐρείας συσκέψεως τῶν ἀρμοδίων παραγόντων καί ἐξετάσεως ὅλων τῶν θεμάτων.

Από 74-272 εις 314-161
» 35-404 » 314-162
» 32-772 » 314-163
ΕΚ ΤΗΣ ΔΙΕΥΘΥΝΣΕΩΣ
